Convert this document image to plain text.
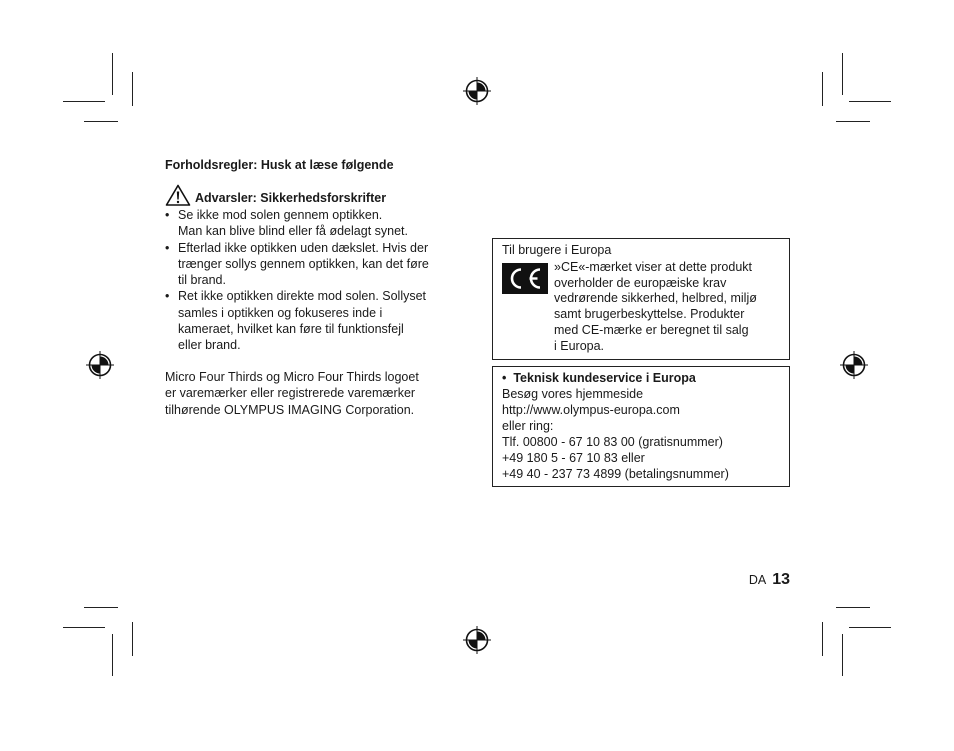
Forholdsregler: Husk at læse følgende
Advarsler: Sikkerhedsforskrifter
• Se ikke mod solen gennem optikken.
Man kan blive blind eller få ødelagt synet.
• Efterlad ikke optikken uden dækslet. Hvis der
trænger sollys gennem optikken, kan det føre
til brand.
• Ret ikke optikken direkte mod solen. Sollyset
samles i optikken og fokuseres inde i
kameraet, hvilket kan føre til funktionsfejl
eller brand.
Micro Four Thirds og Micro Four Thirds logoet
er varemærker eller registrerede varemærker
tilhørende OLYMPUS IMAGING Corporation.
Til brugere i Europa
»CE«-mærket viser at dette produkt
overholder de europæiske krav
vedrørende sikkerhed, helbred, miljø
samt brugerbeskyttelse. Produkter
med CE-mærke er beregnet til salg
i Europa.
• Teknisk kundeservice i Europa
Besøg vores hjemmeside
http://www.olympus-europa.com
eller ring:
Tlf. 00800 - 67 10 83 00 (gratisnummer)
+49 180 5 - 67 10 83 eller
+49 40 - 237 73 4899 (betalingsnummer)
DA 13
